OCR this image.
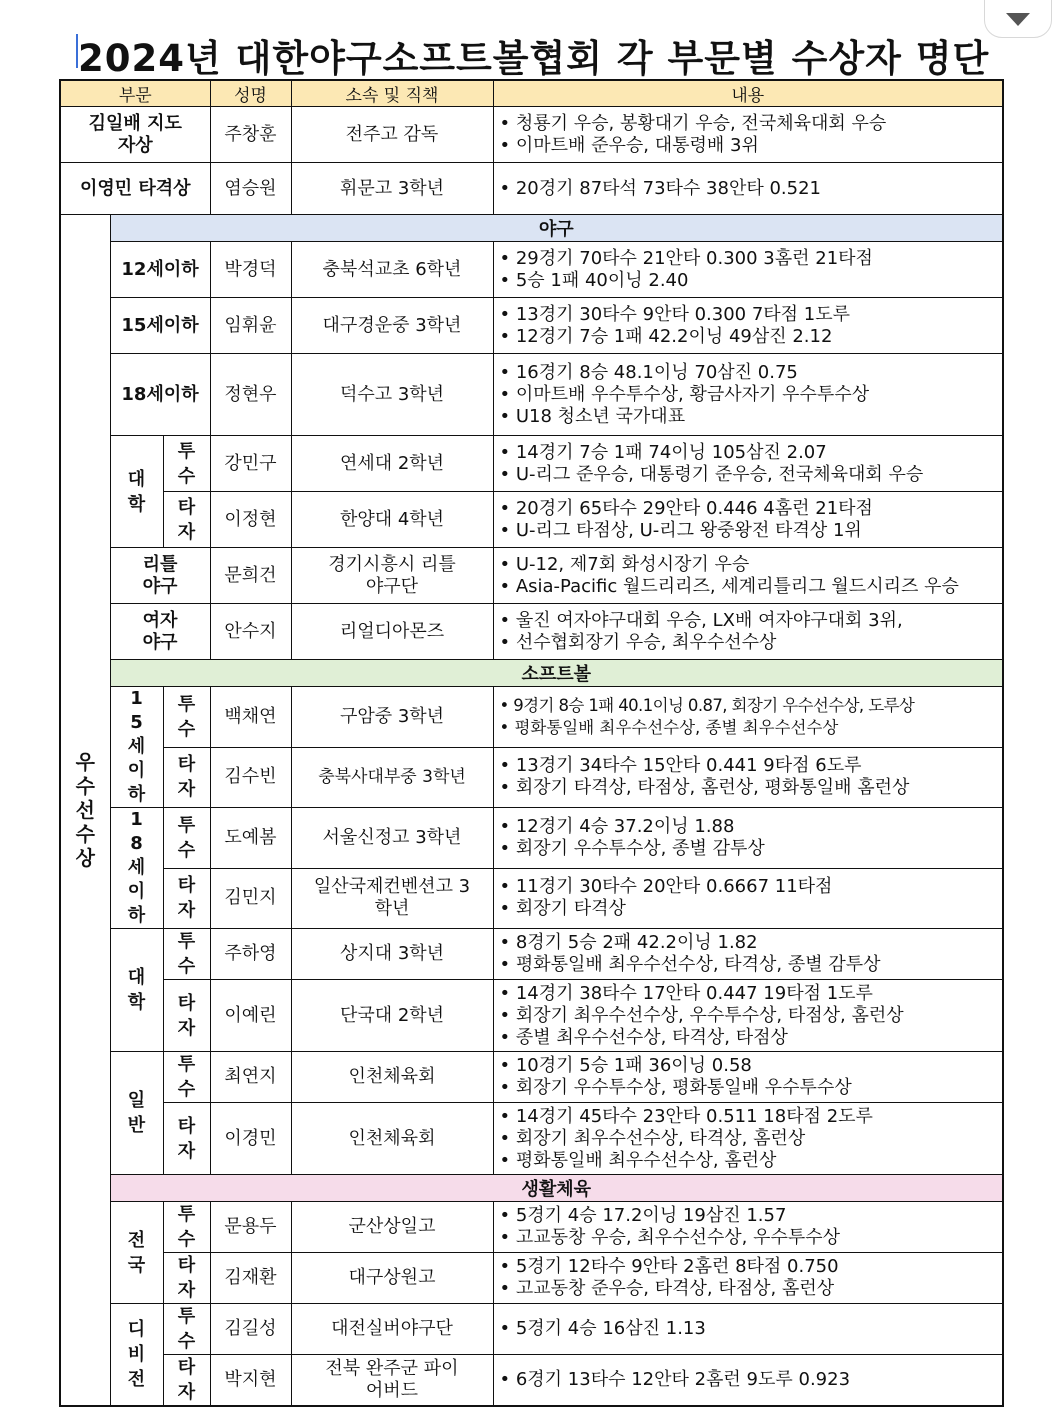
2024년 대한야구소프트볼협회 각 부문별 수상자 명단
부문			성명	소속 및 직책	내용
김일배 지도자상			주창훈	전주고 감독	• 청룡기 우승, 봉황대기 우승, 전국체육대회 우승
• 이마트배 준우승, 대통령배 3위

이영민 타격상			염승원	휘문고 3학년	• 20경기 87타석 73타수 38안타 0.521

우수선수상	야구				
	12세이하		박경덕	충북석교초 6학년	• 29경기 70타수 21안타 0.300 3홈런 21타점
• 5승 1패 40이닝 2.40

	15세이하		임휘윤	대구경운중 3학년	• 13경기 30타수 9안타 0.300 7타점 1도루
• 12경기 7승 1패 42.2이닝 49삼진 2.12

	18세이하		정현우	덕수고 3학년	• 16경기 8승 48.1이닝 70삼진 0.75
• 이마트배 우수투수상, 황금사자기 우수투수상
• U18 청소년 국가대표

	대학	투수	강민구	연세대 2학년	• 14경기 7승 1패 74이닝 105삼진 2.07
• U-리그 준우승, 대통령기 준우승, 전국체육대회 우승

		타자	이정현	한양대 4학년	• 20경기 65타수 29안타 0.446 4홈런 21타점
• U-리그 타점상, U-리그 왕중왕전 타격상 1위

	리틀 야구		문희건	경기시흥시 리틀야구단	• U-12, 제7회 화성시장기 우승
• Asia-Pacific 월드리리즈, 세계리틀리그 월드시리즈 우승

	여자 야구		안수지	리얼디아몬즈	• 울진 여자야구대회 우승, LX배 여자야구대회 3위,
• 선수협회장기 우승, 최우수선수상

	소프트볼				
	15세이하	투수	백채연	구암중 3학년	• 9경기 8승 1패 40.1이닝 0.87, 회장기 우수선수상, 도루상
• 평화통일배 최우수선수상, 종별 최우수선수상

		타자	김수빈	충북사대부중 3학년	• 13경기 34타수 15안타 0.441 9타점 6도루
• 회장기 타격상, 타점상, 홈런상, 평화통일배 홈런상

	18세이하	투수	도예봄	서울신정고 3학년	• 12경기 4승 37.2이닝 1.88
• 회장기 우수투수상, 종별 감투상

		타자	김민지	일산국제컨벤션고 3학년	• 11경기 30타수 20안타 0.6667 11타점
• 회장기 타격상

	대학	투수	주하영	상지대 3학년	• 8경기 5승 2패 42.2이닝 1.82
• 평화통일배 최우수선수상, 타격상, 종별 감투상

		타자	이예린	단국대 2학년	• 14경기 38타수 17안타 0.447 19타점 1도루
• 회장기 최우수선수상, 우수투수상, 타점상, 홈런상
• 종별 최우수선수상, 타격상, 타점상

	일반	투수	최연지	인천체육회	• 10경기 5승 1패 36이닝 0.58
• 회장기 우수투수상, 평화통일배 우수투수상

		타자	이경민	인천체육회	• 14경기 45타수 23안타 0.511 18타점 2도루
• 회장기 최우수선수상, 타격상, 홈런상
• 평화통일배 최우수선수상, 홈런상

	생활체육				
	전국	투수	문용두	군산상일고	• 5경기 4승 17.2이닝 19삼진 1.57
• 고교동창 우승, 최우수선수상, 우수투수상

		타자	김재환	대구상원고	• 5경기 12타수 9안타 2홈런 8타점 0.750
• 고교동창 준우승, 타격상, 타점상, 홈런상

	디비전	투수	김길성	대전실버야구단	• 5경기 4승 16삼진 1.13

		타자	박지현	전북 완주군 파이어버드	• 6경기 13타수 12안타 2홈런 9도루 0.923
